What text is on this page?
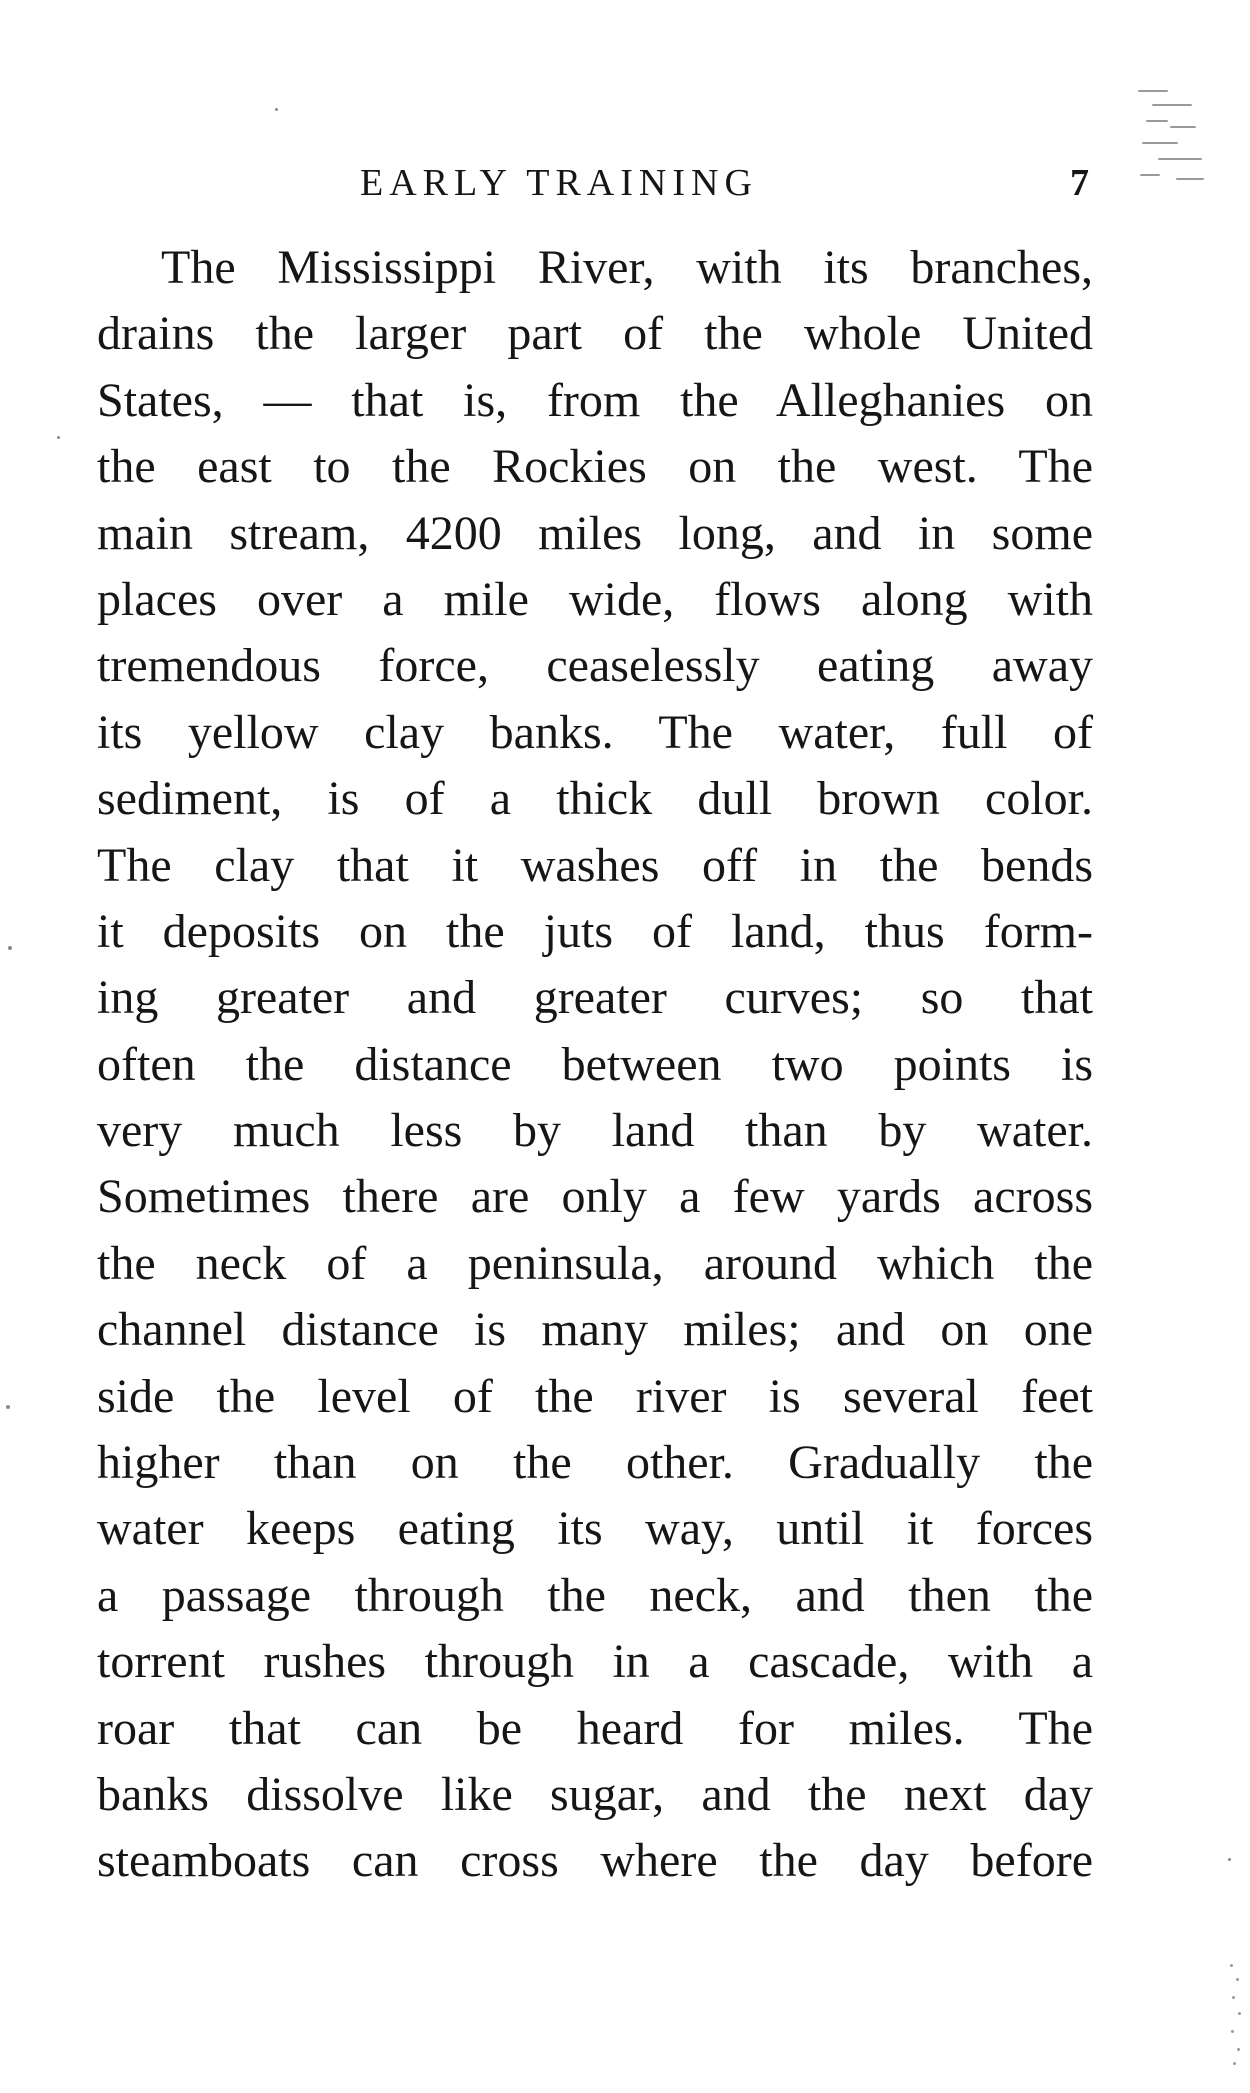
EARLY TRAINING	7
The Mississippi River, with its branches,
drains the larger part of the whole United
States, — that is, from the Alleghanies on
the east to the Rockies on the west. The
main stream, 4200 miles long, and in some
places over a mile wide, flows along with
tremendous force, ceaselessly eating away
its yellow clay banks. The water, full of
sediment, is of a thick dull brown color.
The clay that it washes off in the bends
it deposits on the juts of land, thus form-
ing greater and greater curves; so that
often the distance between two points is
very much less by land than by water.
Sometimes there are only a few yards across
the neck of a peninsula, around which the
channel distance is many miles; and on one
side the level of the river is several feet
higher than on the other. Gradually the
water keeps eating its way, until it forces
a passage through the neck, and then the
torrent rushes through in a cascade, with a
roar that can be heard for miles. The
banks dissolve like sugar, and the next day
steamboats can cross where the day before
